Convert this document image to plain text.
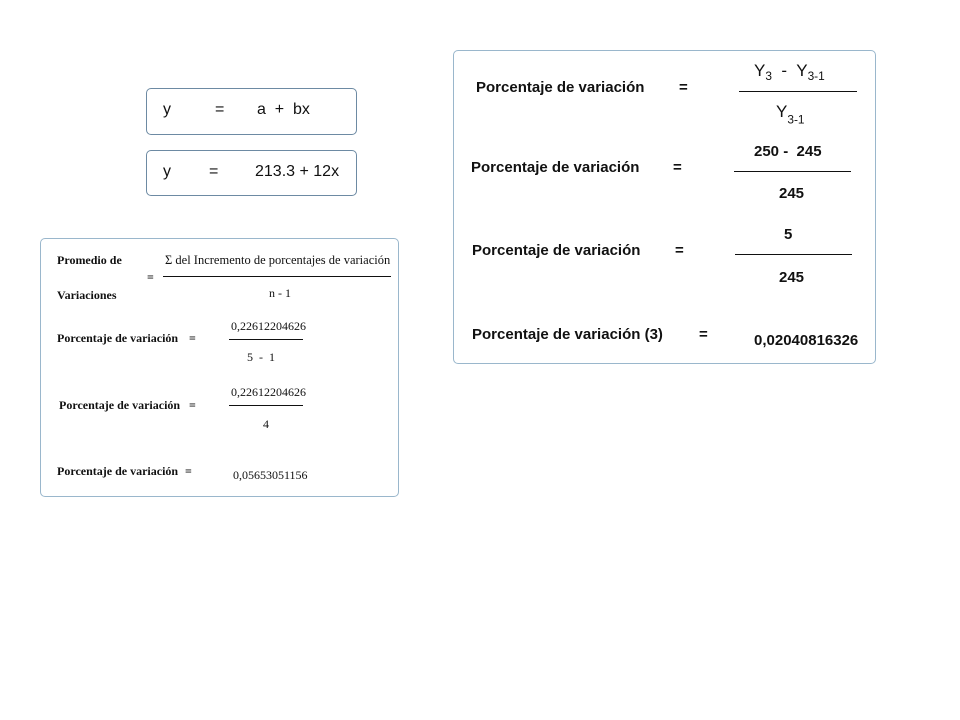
y	= a  +  bx
y = 213.3 + 12x
Promedio de
Variaciones
=
Σ del Incremento de porcentajes de variación
n - 1
Porcentaje de variación =
0,22612204626
5  -  1
Porcentaje de variación =
0,22612204626
4
Porcentaje de variación =	0,05653051156
Porcentaje de variación =
$Y_3 - Y_{3-1}$
$Y_{3-1}$
Porcentaje de variación =
250 -  245
245
Porcentaje de variación =
5
245
Porcentaje de variación (3) =	0,02040816326
